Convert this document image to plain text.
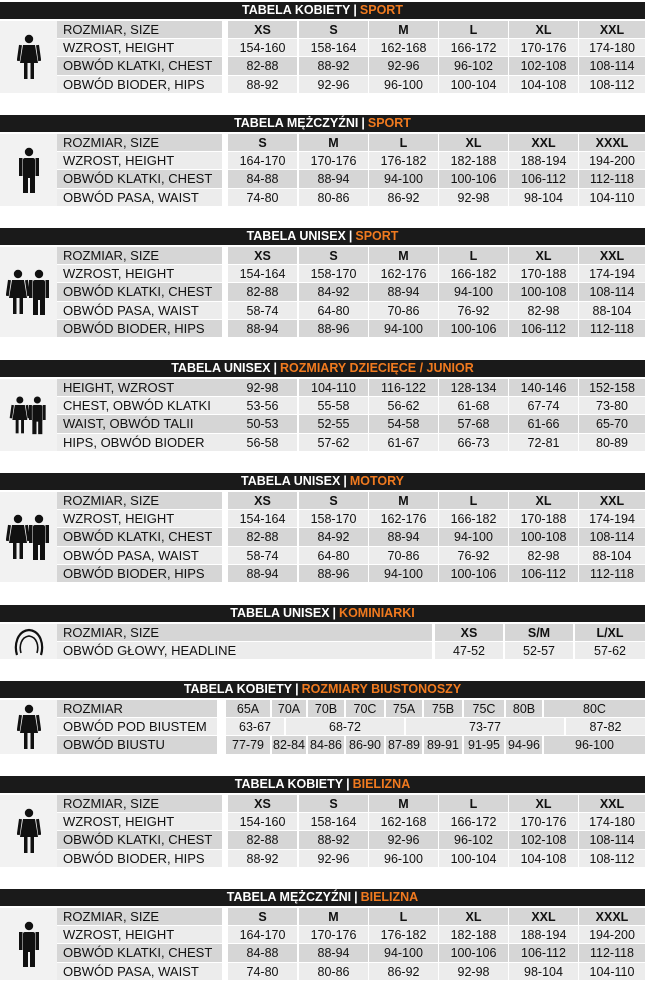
TABELA KOBIETY | SPORT
ROZMIAR, SIZE	XS	S	M	L	XL	XXL
WZROST, HEIGHT	154-160	158-164	162-168	166-172	170-176	174-180
OBWÓD KLATKI, CHEST	82-88	88-92	92-96	96-102	102-108	108-114
OBWÓD BIODER, HIPS	88-92	92-96	96-100	100-104	104-108	108-112
TABELA MĘŻCZYŹNI | SPORT
ROZMIAR, SIZE	S	M	L	XL	XXL	XXXL
WZROST, HEIGHT	164-170	170-176	176-182	182-188	188-194	194-200
OBWÓD KLATKI, CHEST	84-88	88-94	94-100	100-106	106-112	112-118
OBWÓD PASA, WAIST	74-80	80-86	86-92	92-98	98-104	104-110
TABELA UNISEX | SPORT
ROZMIAR, SIZE	XS	S	M	L	XL	XXL
WZROST, HEIGHT	154-164	158-170	162-176	166-182	170-188	174-194
OBWÓD KLATKI, CHEST	82-88	84-92	88-94	94-100	100-108	108-114
OBWÓD PASA, WAIST	58-74	64-80	70-86	76-92	82-98	88-104
OBWÓD BIODER, HIPS	88-94	88-96	94-100	100-106	106-112	112-118
TABELA UNISEX | ROZMIARY DZIECIĘCE / JUNIOR
HEIGHT, WZROST	92-98	104-110	116-122	128-134	140-146	152-158
CHEST, OBWÓD KLATKI	53-56	55-58	56-62	61-68	67-74	73-80
WAIST, OBWÓD TALII	50-53	52-55	54-58	57-68	61-66	65-70
HIPS, OBWÓD BIODER	56-58	57-62	61-67	66-73	72-81	80-89
TABELA UNISEX | MOTORY
ROZMIAR, SIZE	XS	S	M	L	XL	XXL
WZROST, HEIGHT	154-164	158-170	162-176	166-182	170-188	174-194
OBWÓD KLATKI, CHEST	82-88	84-92	88-94	94-100	100-108	108-114
OBWÓD PASA, WAIST	58-74	64-80	70-86	76-92	82-98	88-104
OBWÓD BIODER, HIPS	88-94	88-96	94-100	100-106	106-112	112-118
TABELA UNISEX | KOMINIARKI
ROZMIAR, SIZE	XS	S/M	L/XL
OBWÓD GŁOWY, HEADLINE	47-52	52-57	57-62
TABELA KOBIETY | ROZMIARY BIUSTONOSZY
ROZMIAR	65A	70A	70B	70C	75A	75B	75C	80B	80C
OBWÓD POD BIUSTEM	63-67	68-72	73-77	87-82
OBWÓD BIUSTU	77-79 82-84 84-86 86-90 87-89 89-91 91-95 94-96	96-100
TABELA KOBIETY | BIELIZNA
ROZMIAR, SIZE	XS	S	M	L	XL	XXL
WZROST, HEIGHT	154-160	158-164	162-168	166-172	170-176	174-180
OBWÓD KLATKI, CHEST	82-88	88-92	92-96	96-102	102-108	108-114
OBWÓD BIODER, HIPS	88-92	92-96	96-100	100-104	104-108	108-112
TABELA MĘŻCZYŹNI | BIELIZNA
ROZMIAR, SIZE	S	M	L	XL	XXL	XXXL
WZROST, HEIGHT	164-170	170-176	176-182	182-188	188-194	194-200
OBWÓD KLATKI, CHEST	84-88	88-94	94-100	100-106	106-112	112-118
OBWÓD PASA, WAIST	74-80	80-86	86-92	92-98	98-104	104-110
